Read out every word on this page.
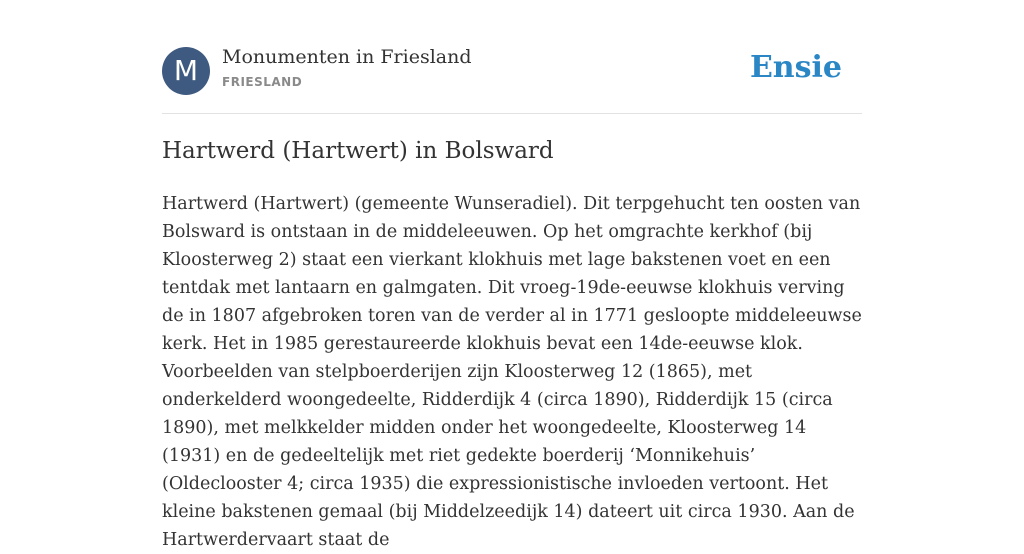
M	Monumenten in Friesland
FRIESLAND	Ensie
Hartwerd (Hartwert) in Bolsward

Hartwerd (Hartwert) (gemeente Wunseradiel). Dit terpgehucht ten oosten van Bolsward is ontstaan in de middeleeuwen. Op het omgrachte kerkhof (bij Kloosterweg 2) staat een vierkant klokhuis met lage bakstenen voet en een tentdak met lantaarn en galmgaten. Dit vroeg-19de-eeuwse klokhuis verving de in 1807 afgebroken toren van de verder al in 1771 gesloopte middeleeuwse kerk. Het in 1985 gerestaureerde klokhuis bevat een 14de-eeuwse klok. Voorbeelden van stelpboerderijen zijn Kloosterweg 12 (1865), met onderkelderd woongedeelte, Ridderdijk 4 (circa 1890), Ridderdijk 15 (circa 1890), met melkkelder midden onder het woongedeelte, Kloosterweg 14 (1931) en de gedeeltelijk met riet gedekte boerderij ‘Monnikehuis’ (Oldeclooster 4; circa 1935) die expressionistische invloeden vertoont. Het kleine bakstenen gemaal (bij Middelzeedijk 14) dateert uit circa 1930. Aan de Hartwerdervaart staat de
